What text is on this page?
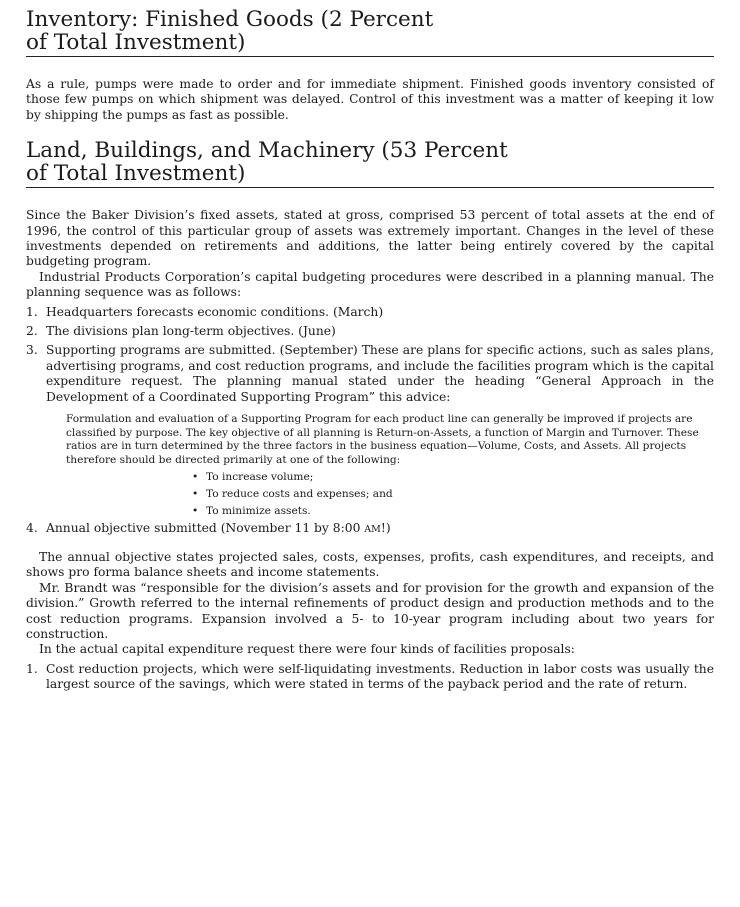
Inventory: Finished Goods (2 Percent
of Total Investment)

As a rule, pumps were made to order and for immediate shipment. Finished goods inventory consisted of those few pumps on which shipment was delayed. Control of this investment was a matter of keeping it low by shipping the pumps as fast as possible.

Land, Buildings, and Machinery (53 Percent
of Total Investment)

Since the Baker Division’s fixed assets, stated at gross, comprised 53 percent of total assets at the end of 1996, the control of this particular group of assets was extremely important. Changes in the level of these investments depended on retirements and additions, the latter being entirely covered by the capital budgeting program.

Industrial Products Corporation’s capital budgeting procedures were described in a planning manual. The planning sequence was as follows:

1. Headquarters forecasts economic conditions. (March)
2. The divisions plan long-term objectives. (June)
3. Supporting programs are submitted. (September) These are plans for specific actions, such as sales plans, advertising programs, and cost reduction programs, and include the facilities program which is the capital expenditure request. The planning manual stated under the heading “General Approach in the Development of a Coordinated Supporting Program” this advice:

Formulation and evaluation of a Supporting Program for each product line can generally be improved if projects are classified by purpose. The key objective of all planning is Return-on-Assets, a function of Margin and Turnover. These ratios are in turn determined by the three factors in the business equation—Volume, Costs, and Assets. All projects therefore should be directed primarily at one of the following:

• To increase volume;
• To reduce costs and expenses; and
• To minimize assets.
4. Annual objective submitted (November 11 by 8:00 AM!)

The annual objective states projected sales, costs, expenses, profits, cash expenditures, and receipts, and shows pro forma balance sheets and income statements.

Mr. Brandt was “responsible for the division’s assets and for provision for the growth and expansion of the division.” Growth referred to the internal refinements of product design and production methods and to the cost reduction programs. Expansion involved a 5- to 10-year program including about two years for construction.

In the actual capital expenditure request there were four kinds of facilities proposals:

1. Cost reduction projects, which were self-liquidating investments. Reduction in labor costs was usually the largest source of the savings, which were stated in terms of the payback period and the rate of return.
